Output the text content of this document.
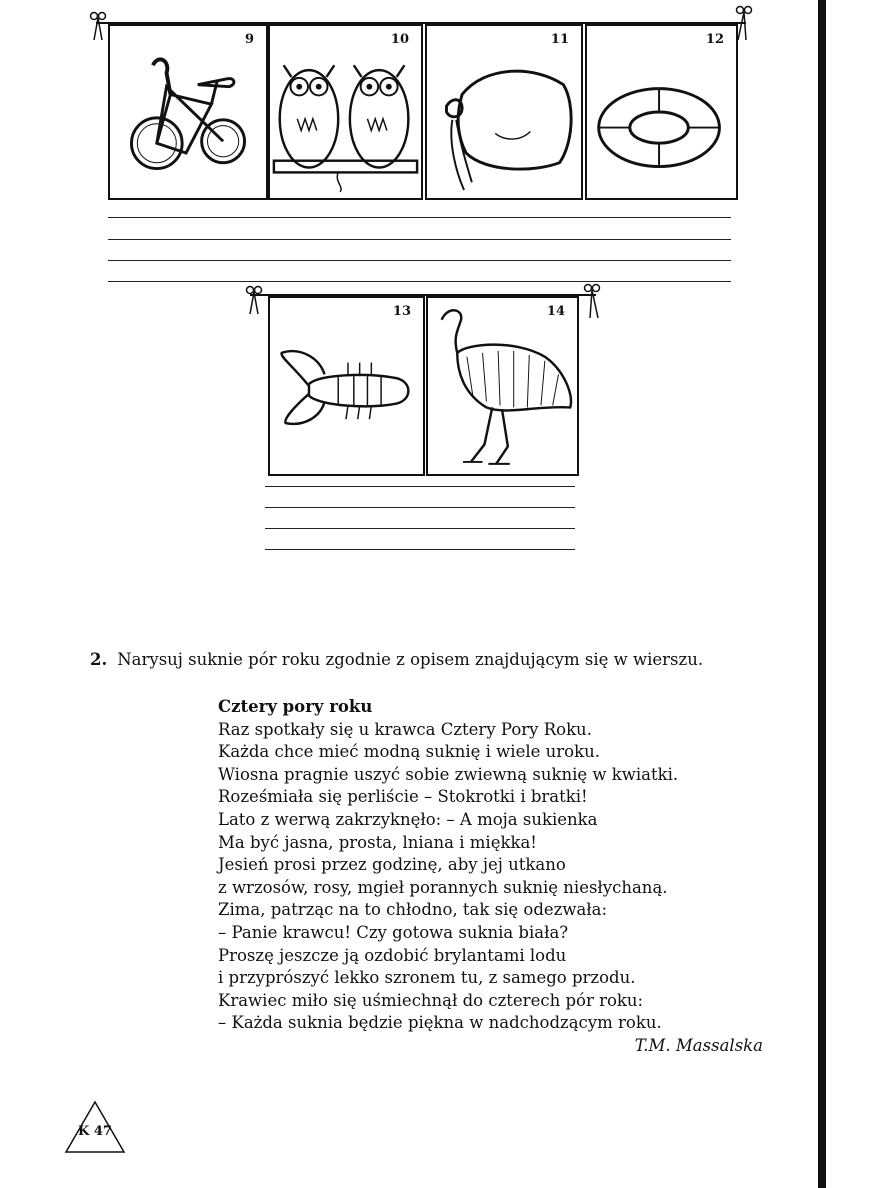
9	10	11	12
13	14
2. Narysuj suknie pór roku zgodnie z opisem znajdującym się w wierszu.
Cztery pory roku
Raz spotkały się u krawca Cztery Pory Roku.
Każda chce mieć modną suknię i wiele uroku.
Wiosna pragnie uszyć sobie zwiewną suknię w kwiatki.
Roześmiała się perliście – Stokrotki i bratki!
Lato z werwą zakrzyknęło: – A moja sukienka
Ma być jasna, prosta, lniana i miękka!
Jesień prosi przez godzinę, aby jej utkano
z wrzosów, rosy, mgieł porannych suknię niesłychaną.
Zima, patrząc na to chłodno, tak się odezwała:
– Panie krawcu! Czy gotowa suknia biała?
Proszę jeszcze ją ozdobić brylantami lodu
i przyprószyć lekko szronem tu, z samego przodu.
Krawiec miło się uśmiechnął do czterech pór roku:
– Każda suknia będzie piękna w nadchodzącym roku.
T.M. Massalska
K 47
